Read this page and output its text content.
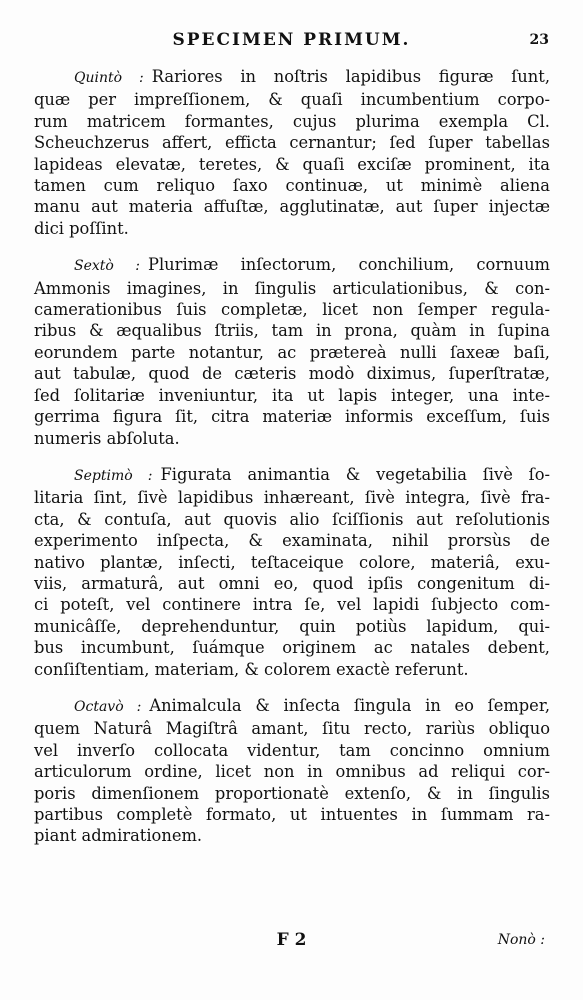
SPECIMEN PRIMUM.	23
Quintò : Rariores in noſtris lapidibus figuræ ſunt,
quæ per impreſſionem, & quaſi incumbentium corpo-
rum matricem formantes, cujus plurima exempla Cl.
Scheuchzerus affert, efficta cernantur; ſed ſuper tabellas
lapideas elevatæ, teretes, & quaſi exciſæ prominent, ita
tamen cum reliquo ſaxo continuæ, ut minimè aliena
manu aut materia affuſtæ, agglutinatæ, aut ſuper injectæ
dici poſſint.
Sextò : Plurimæ inſectorum, conchilium, cornuum
Ammonis imagines, in ſingulis articulationibus, & con-
camerationibus ſuis completæ, licet non ſemper regula-
ribus & æqualibus ſtriis, tam in prona, quàm in ſupina
eorundem parte notantur, ac prætereà nulli ſaxeæ baſi,
aut tabulæ, quod de cæteris modò diximus, ſuperſtratæ,
ſed ſolitariæ inveniuntur, ita ut lapis integer, una inte-
gerrima figura ſit, citra materiæ informis exceſſum, ſuis
numeris abſoluta.
Septimò : Figurata animantia & vegetabilia ſivè ſo-
litaria ſint, ſivè lapidibus inhæreant, ſivè integra, ſivè fra-
cta, & contuſa, aut quovis alio ſciſſionis aut reſolutionis
experimento inſpecta, & examinata, nihil prorsùs de
nativo plantæ, inſecti, teſtaceique colore, materiâ, exu-
viis, armaturâ, aut omni eo, quod ipſis congenitum di-
ci poteſt, vel continere intra ſe, vel lapidi ſubjecto com-
municâſſe, deprehenduntur, quin potiùs lapidum, qui-
bus incumbunt, ſuámque originem ac natales debent,
conſiſtentiam, materiam, & colorem exactè referunt.
Octavò : Animalcula & inſecta ſingula in eo ſemper,
quem Naturâ Magiſtrâ amant, ſitu recto, rariùs obliquo
vel inverſo collocata videntur, tam concinno omnium
articulorum ordine, licet non in omnibus ad reliqui cor-
poris dimenſionem proportionatè extenſo, & in ſingulis
partibus completè formato, ut intuentes in ſummam ra-
piant admirationem.
F 2	Nonò :
